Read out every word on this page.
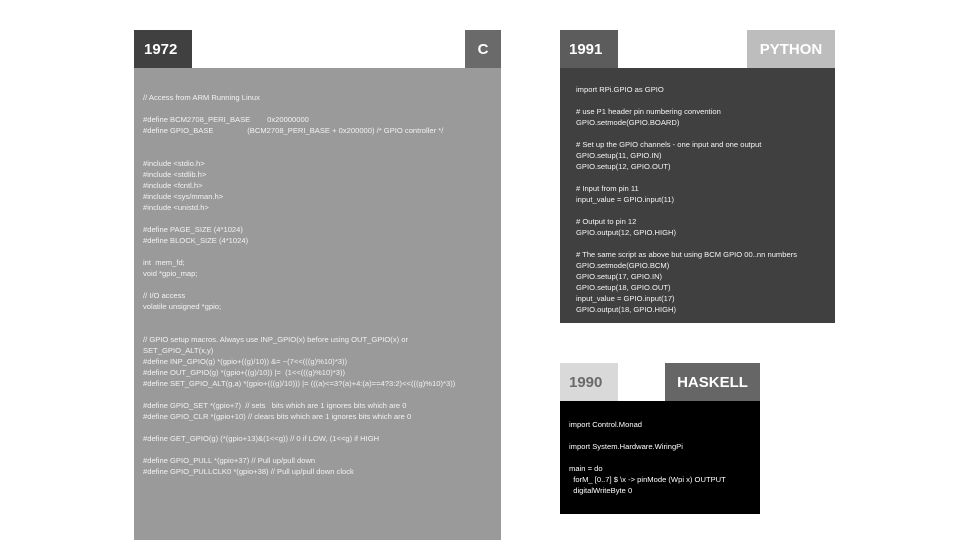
1972	C
// Access from ARM Running Linux

#define BCM2708_PERI_BASE        0x20000000
#define GPIO_BASE                (BCM2708_PERI_BASE + 0x200000) /* GPIO controller */

#include <stdio.h>
#include <stdlib.h>
#include <fcntl.h>
#include <sys/mman.h>
#include <unistd.h>

#define PAGE_SIZE (4*1024)
#define BLOCK_SIZE (4*1024)

int  mem_fd;
void *gpio_map;

// I/O access
volatile unsigned *gpio;

// GPIO setup macros. Always use INP_GPIO(x) before using OUT_GPIO(x) or
SET_GPIO_ALT(x,y)
#define INP_GPIO(g) *(gpio+((g)/10)) &= ~(7<<(((g)%10)*3))
#define OUT_GPIO(g) *(gpio+((g)/10)) |=  (1<<(((g)%10)*3))
#define SET_GPIO_ALT(g,a) *(gpio+(((g)/10))) |= (((a)<=3?(a)+4:(a)==4?3:2)<<(((g)%10)*3))

#define GPIO_SET *(gpio+7)  // sets   bits which are 1 ignores bits which are 0
#define GPIO_CLR *(gpio+10) // clears bits which are 1 ignores bits which are 0

#define GET_GPIO(g) (*(gpio+13)&(1<<g)) // 0 if LOW, (1<<g) if HIGH

#define GPIO_PULL *(gpio+37) // Pull up/pull down
#define GPIO_PULLCLK0 *(gpio+38) // Pull up/pull down clock
1991	PYTHON
import RPi.GPIO as GPIO

# use P1 header pin numbering convention
GPIO.setmode(GPIO.BOARD)

# Set up the GPIO channels - one input and one output
GPIO.setup(11, GPIO.IN)
GPIO.setup(12, GPIO.OUT)

# Input from pin 11
input_value = GPIO.input(11)

# Output to pin 12
GPIO.output(12, GPIO.HIGH)

# The same script as above but using BCM GPIO 00..nn numbers
GPIO.setmode(GPIO.BCM)
GPIO.setup(17, GPIO.IN)
GPIO.setup(18, GPIO.OUT)
input_value = GPIO.input(17)
GPIO.output(18, GPIO.HIGH)
1990	HASKELL
import Control.Monad

import System.Hardware.WiringPi

main = do
forM_ [0..7] $ \x -> pinMode (Wpi x) OUTPUT
digitalWriteByte 0
